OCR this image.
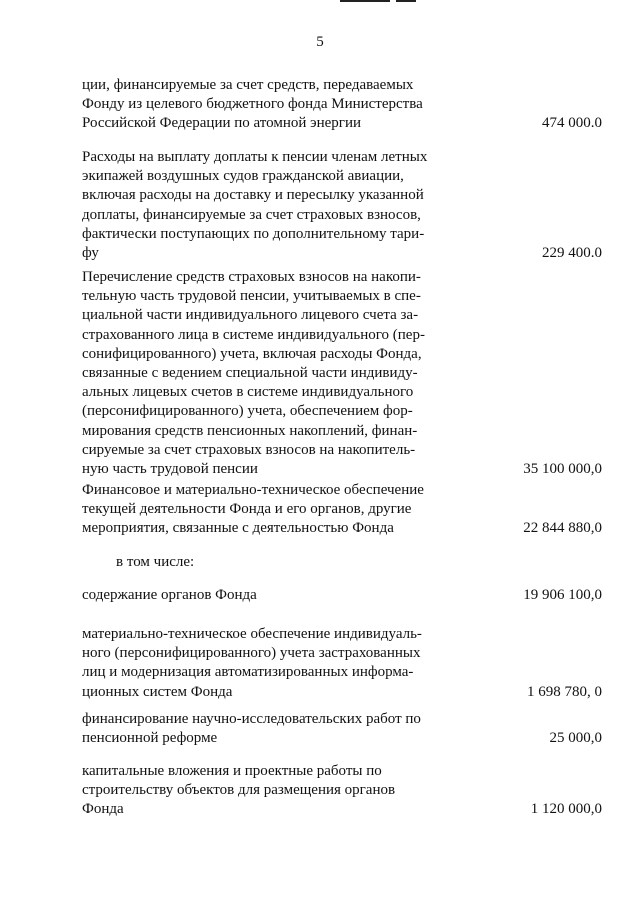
5
ции, финансируемые за счет средств, передаваемых
Фонду из целевого бюджетного фонда Министерства
Российской Федерации по атомной энергии	474 000.0
Расходы на выплату доплаты к пенсии членам летных
экипажей воздушных судов гражданской авиации,
включая расходы на доставку и пересылку указанной
доплаты, финансируемые за счет страховых взносов,
фактически поступающих по дополнительному тари-
фу	229 400.0
Перечисление средств страховых взносов на накопи-
тельную часть трудовой пенсии, учитываемых в спе-
циальной части индивидуального лицевого счета за-
страхованного лица в системе индивидуального (пер-
сонифицированного) учета, включая расходы Фонда,
связанные с ведением специальной части индивиду-
альных лицевых счетов в системе индивидуального
(персонифицированного) учета, обеспечением фор-
мирования средств пенсионных накоплений, финан-
сируемые за счет страховых взносов на накопитель-
ную часть трудовой пенсии	35 100 000,0
Финансовое и материально-техническое обеспечение
текущей деятельности Фонда и его органов, другие
мероприятия, связанные с деятельностью Фонда	22 844 880,0
в том числе:
содержание органов Фонда	19 906 100,0
материально-техническое обеспечение индивидуаль-
ного (персонифицированного) учета застрахованных
лиц и модернизация автоматизированных информа-
ционных систем Фонда	1 698 780, 0
финансирование научно-исследовательских работ по
пенсионной реформе	25 000,0
капитальные вложения и проектные работы по
строительству объектов для размещения органов
Фонда	1 120 000,0
